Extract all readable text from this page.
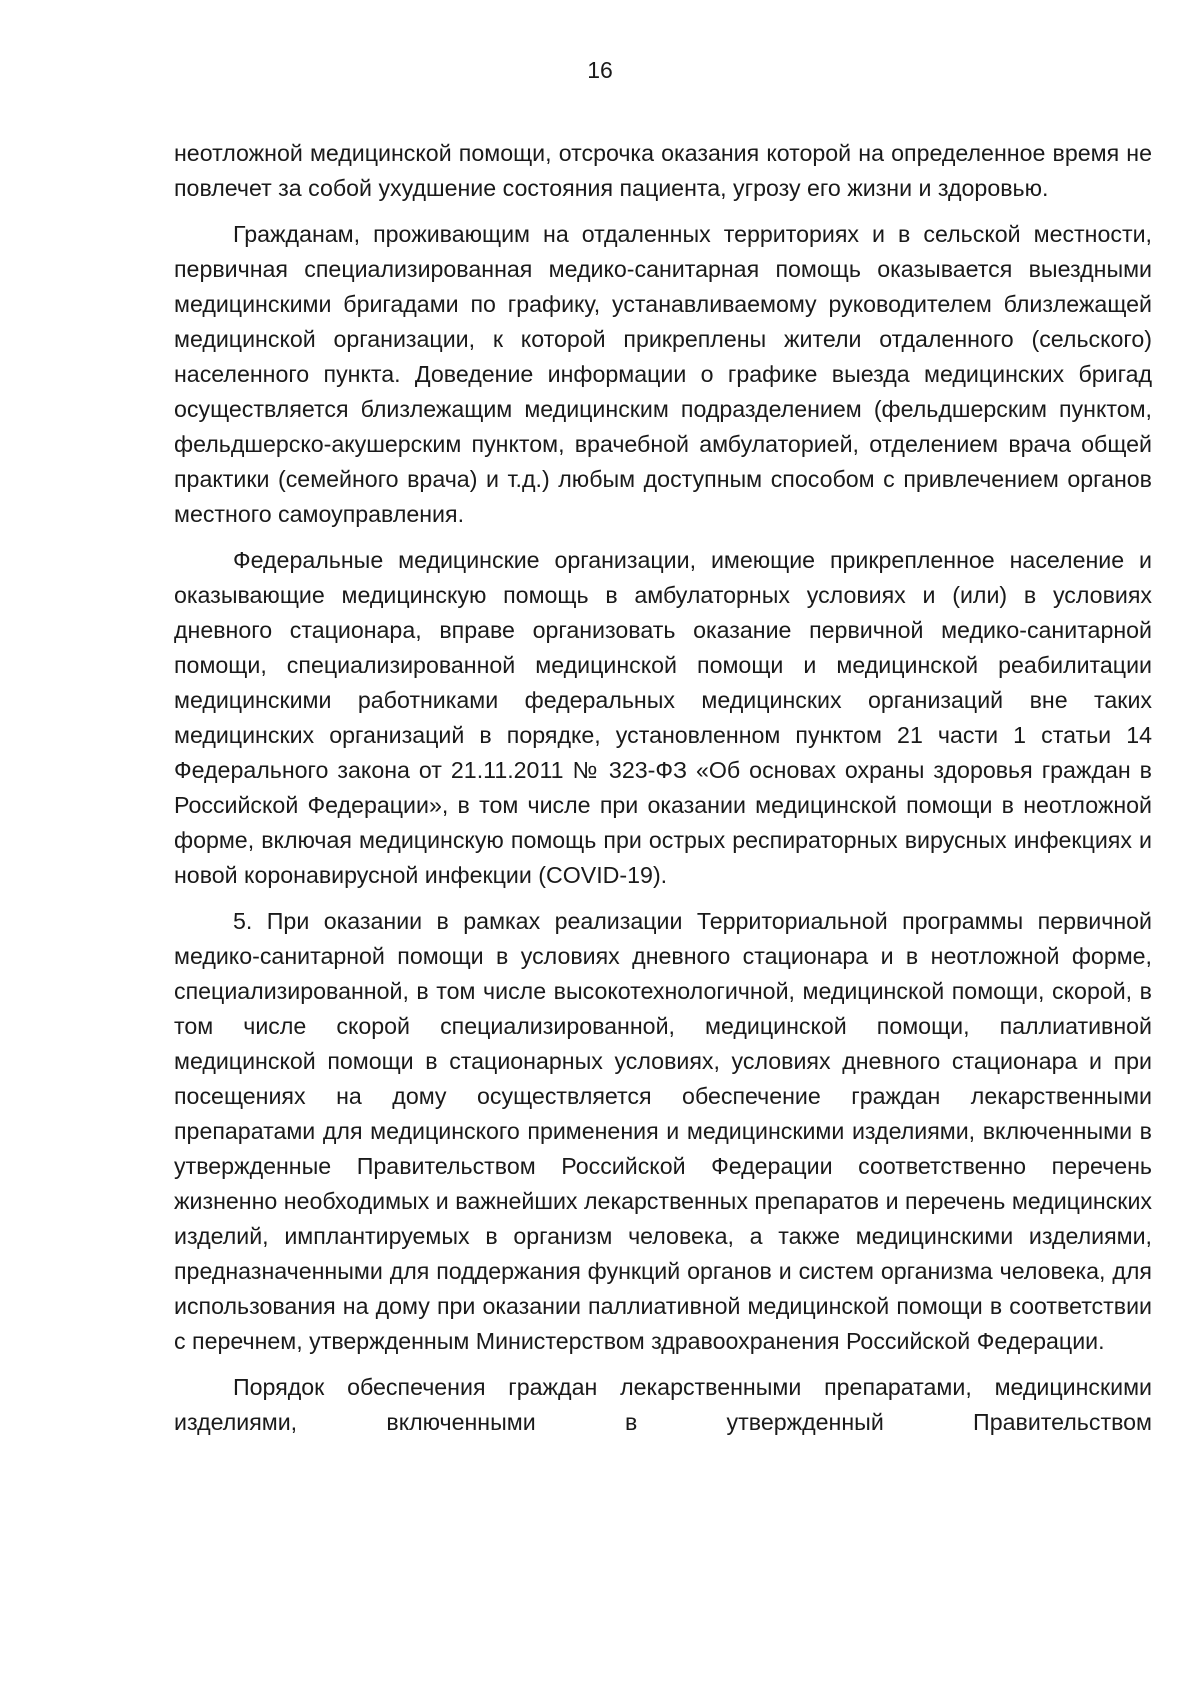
16

неотложной медицинской помощи, отсрочка оказания которой на определенное время не повлечет за собой ухудшение состояния пациента, угрозу его жизни и здоровью.

Гражданам, проживающим на отдаленных территориях и в сельской местности, первичная специализированная медико-санитарная помощь оказывается выездными медицинскими бригадами по графику, устанавливаемому руководителем близлежащей медицинской организации, к которой прикреплены жители отдаленного (сельского) населенного пункта. Доведение информации о графике выезда медицинских бригад осуществляется близлежащим медицинским подразделением (фельдшерским пунктом, фельдшерско-акушерским пунктом, врачебной амбулаторией, отделением врача общей практики (семейного врача) и т.д.) любым доступным способом с привлечением органов местного самоуправления.

Федеральные медицинские организации, имеющие прикрепленное население и оказывающие медицинскую помощь в амбулаторных условиях и (или) в условиях дневного стационара, вправе организовать оказание первичной медико-санитарной помощи, специализированной медицинской помощи и медицинской реабилитации медицинскими работниками федеральных медицинских организаций вне таких медицинских организаций в порядке, установленном пунктом 21 части 1 статьи 14 Федерального закона от 21.11.2011 № 323-ФЗ «Об основах охраны здоровья граждан в Российской Федерации», в том числе при оказании медицинской помощи в неотложной форме, включая медицинскую помощь при острых респираторных вирусных инфекциях и новой коронавирусной инфекции (COVID-19).

5. При оказании в рамках реализации Территориальной программы первичной медико-санитарной помощи в условиях дневного стационара и в неотложной форме, специализированной, в том числе высокотехнологичной, медицинской помощи, скорой, в том числе скорой специализированной, медицинской помощи, паллиативной медицинской помощи в стационарных условиях, условиях дневного стационара и при посещениях на дому осуществляется обеспечение граждан лекарственными препаратами для медицинского применения и медицинскими изделиями, включенными в утвержденные Правительством Российской Федерации соответственно перечень жизненно необходимых и важнейших лекарственных препаратов и перечень медицинских изделий, имплантируемых в организм человека, а также медицинскими изделиями, предназначенными для поддержания функций органов и систем организма человека, для использования на дому при оказании паллиативной медицинской помощи в соответствии с перечнем, утвержденным Министерством здравоохранения Российской Федерации.

Порядок обеспечения граждан лекарственными препаратами, медицинскими изделиями, включенными в утвержденный Правительством
